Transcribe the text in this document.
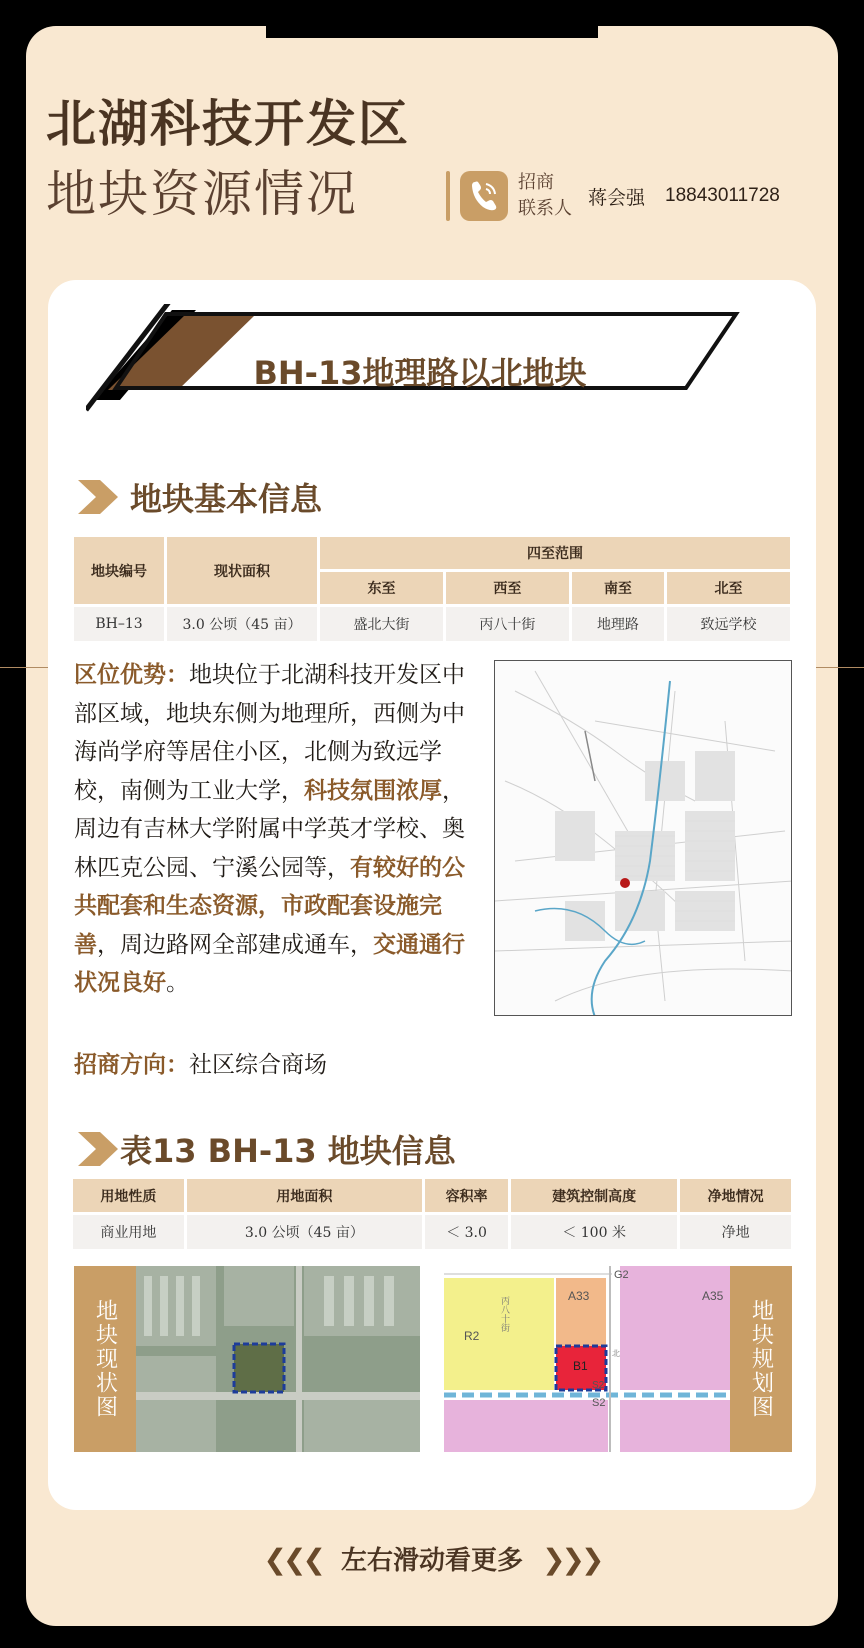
北湖科技开发区
地块资源情况	招商
联系人 蒋会强 18843011728
BH-13地理路以北地块
地块基本信息
地块编号	现状面积	四至范围			
		东至	西至	南至	北至
BH–13	3.0 公顷（45 亩）	盛北大街	丙八十街	地理路	致远学校
区位优势：地块位于北湖科技开发区中部区域，地块东侧为地理所，西侧为中海尚学府等居住小区，北侧为致远学校，南侧为工业大学，科技氛围浓厚，周边有吉林大学附属中学英才学校、奥林匹克公园、宁溪公园等，有较好的公共配套和生态资源，市政配套设施完善，周边路网全部建成通车，交通通行状况良好。
招商方向：社区综合商场
表13 BH-13 地块信息
用地性质	用地面积	容积率	建筑控制高度	净地情况
商业用地	3.0 公顷（45 亩）	＜ 3.0	＜ 100 米	净地
地块现状图	R2
A33	A35
B1
G2
S2
S2
丙八十街
北	地块规划图
❮❮❮ 左右滑动看更多 ❯❯❯
